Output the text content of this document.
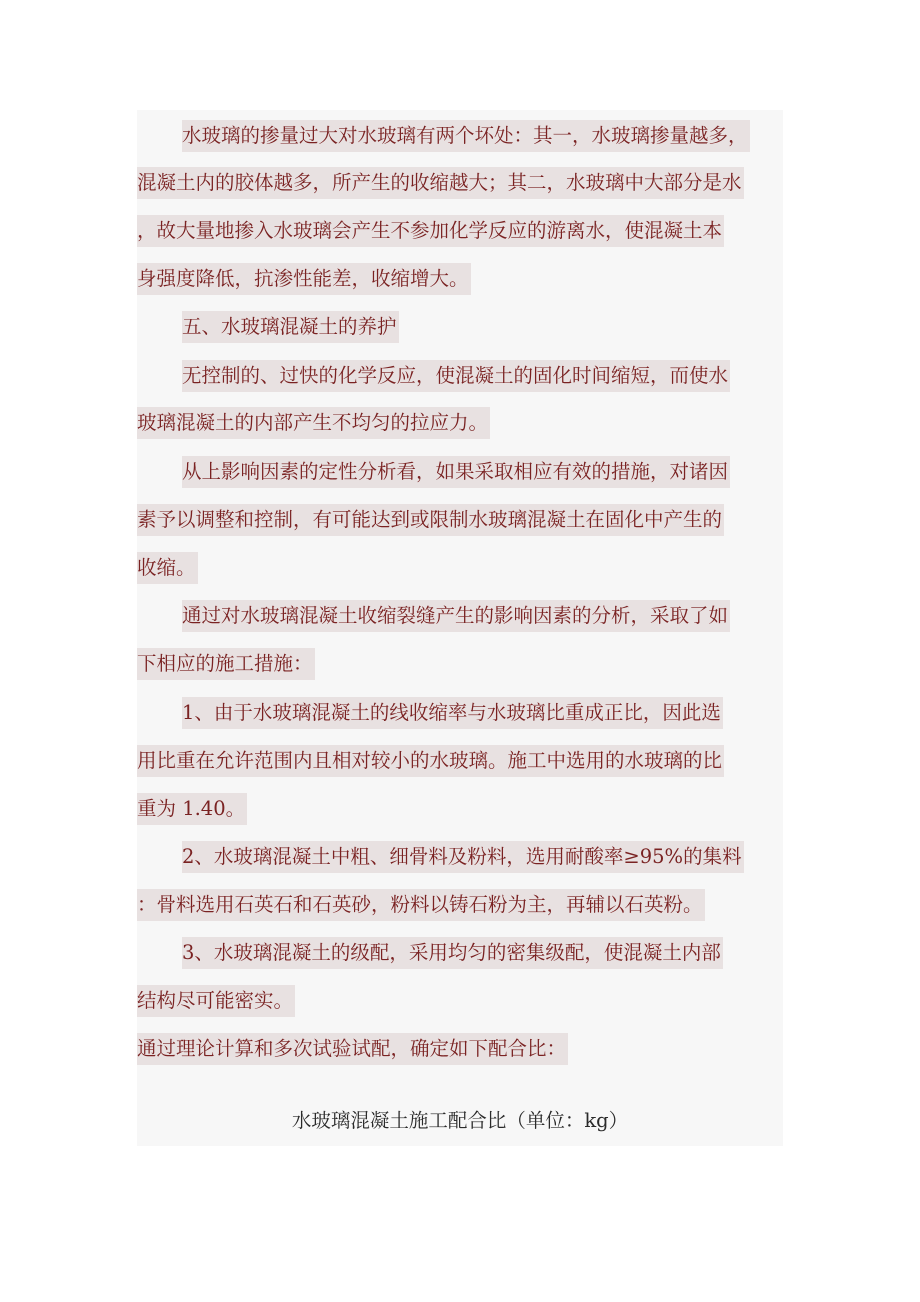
水玻璃的掺量过大对水玻璃有两个坏处：其一，水玻璃掺量越多，
混凝土内的胶体越多，所产生的收缩越大；其二，水玻璃中大部分是水
，故大量地掺入水玻璃会产生不参加化学反应的游离水，使混凝土本
身强度降低，抗渗性能差，收缩增大。
五、水玻璃混凝土的养护
无控制的、过快的化学反应，使混凝土的固化时间缩短，而使水
玻璃混凝土的内部产生不均匀的拉应力。
从上影响因素的定性分析看，如果采取相应有效的措施，对诸因
素予以调整和控制，有可能达到或限制水玻璃混凝土在固化中产生的
收缩。
通过对水玻璃混凝土收缩裂缝产生的影响因素的分析，采取了如
下相应的施工措施：
1、由于水玻璃混凝土的线收缩率与水玻璃比重成正比，因此选
用比重在允许范围内且相对较小的水玻璃。施工中选用的水玻璃的比
重为 1.40。
2、水玻璃混凝土中粗、细骨料及粉料，选用耐酸率≥95%的集料
：骨料选用石英石和石英砂，粉料以铸石粉为主，再辅以石英粉。
3、水玻璃混凝土的级配，采用均匀的密集级配，使混凝土内部
结构尽可能密实。
通过理论计算和多次试验试配，确定如下配合比：
水玻璃混凝土施工配合比（单位：kg）
